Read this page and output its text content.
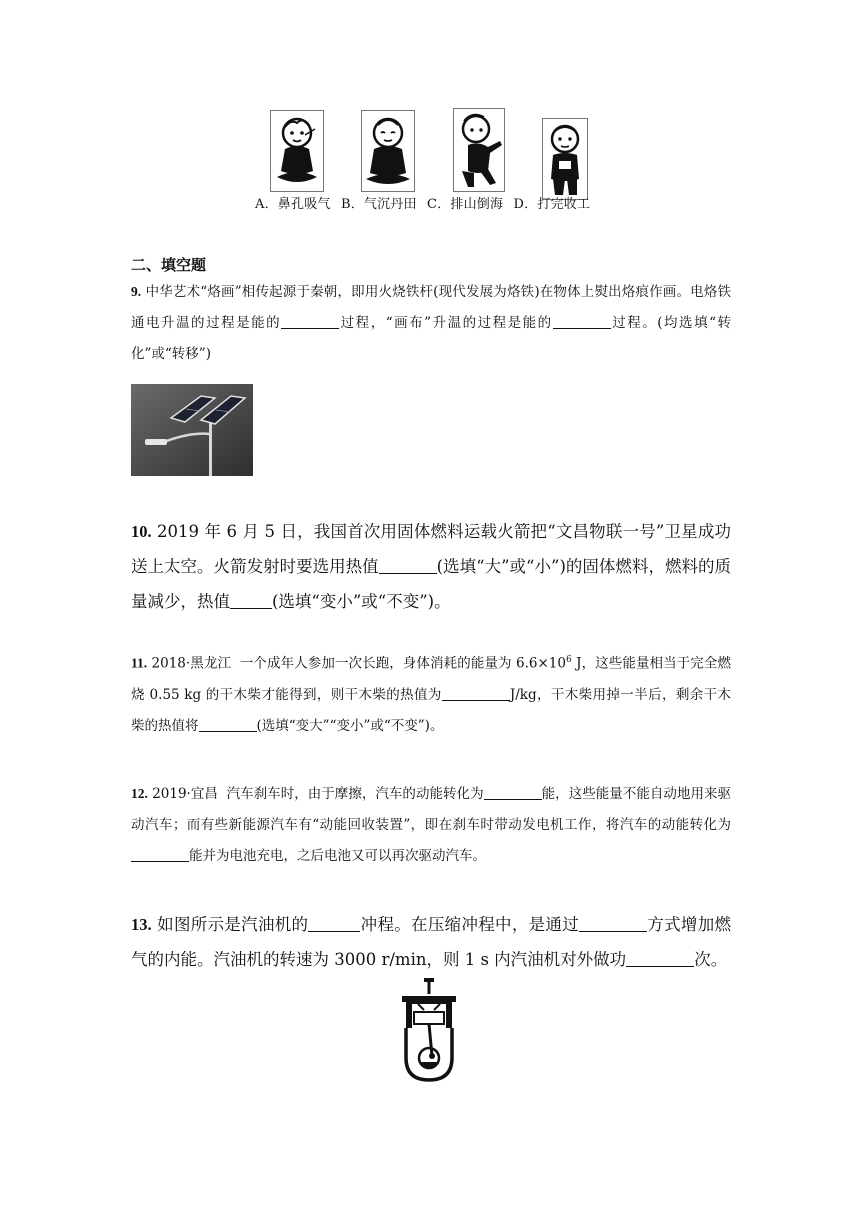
A．鼻孔吸气 B．气沉丹田 C．排山倒海 D．打完收工
二、填空题
9. 中华艺术“烙画”相传起源于秦朝，即用火烧铁杆(现代发展为烙铁)在物体上熨出烙痕作画。电烙铁通电升温的过程是能的	过程，“画布”升温的过程是能的	过程。(均选填“转化”或“转移”)
10. 2019 年 6 月 5 日，我国首次用固体燃料运载火箭把“文昌物联一号”卫星成功送上太空。火箭发射时要选用热值	(选填“大”或“小”)的固体燃料，燃料的质量减少，热值	(选填“变小”或“不变”)。
11. 2018·黑龙江 一个成年人参加一次长跑，身体消耗的能量为 $6.6\times 10^6$ J，这些能量相当于完全燃烧 0.55 kg 的干木柴才能得到，则干木柴的热值为	J/kg，干木柴用掉一半后，剩余干木柴的热值将	(选填“变大”“变小”或“不变”)。
12. 2019·宜昌 汽车刹车时，由于摩擦，汽车的动能转化为	能，这些能量不能自动地用来驱动汽车；而有些新能源汽车有“动能回收装置”，即在刹车时带动发电机工作，将汽车的动能转化为能并为电池充电，之后电池又可以再次驱动汽车。
13. 如图所示是汽油机的	冲程。在压缩冲程中，是通过	方式增加燃气的内能。汽油机的转速为 3000 r/min，则 1 s 内汽油机对外做功	次。
